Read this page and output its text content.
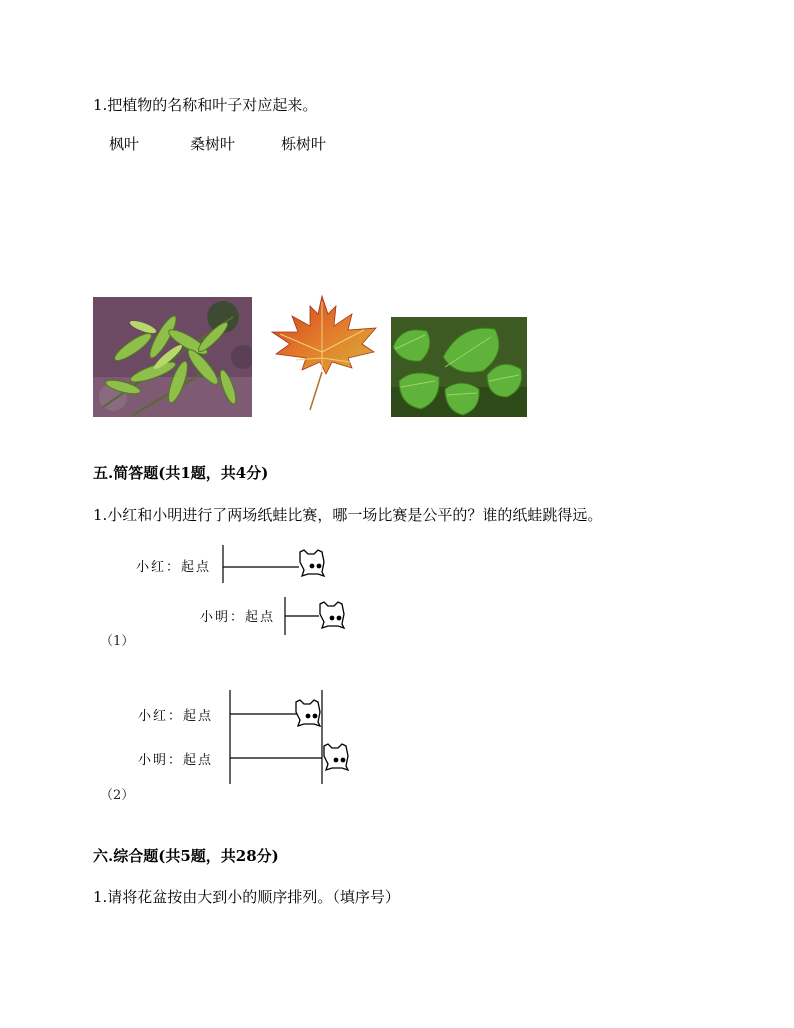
1.把植物的名称和叶子对应起来。
枫叶	桑树叶	栎树叶
五.简答题(共1题，共4分)
1.小红和小明进行了两场纸蛙比赛，哪一场比赛是公平的？谁的纸蛙跳得远。
小红：起点
小明：起点
（1）
小红：起点
小明：起点
（2）
六.综合题(共5题，共28分)
1.请将花盆按由大到小的顺序排列。（填序号）
